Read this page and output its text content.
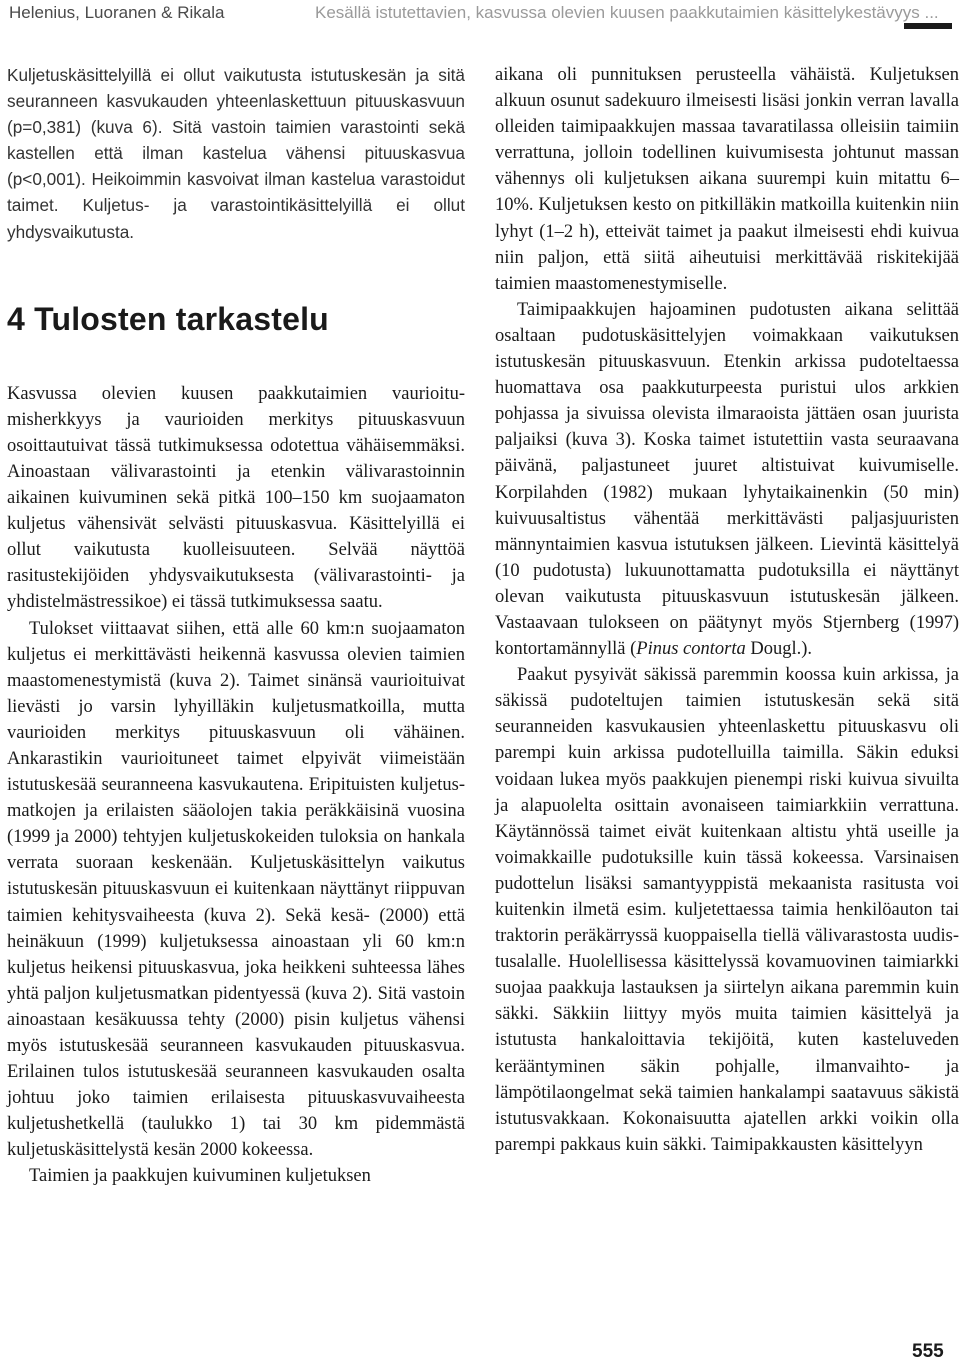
Helenius, Luoranen & Rikala	Kesällä istutettavien, kasvussa olevien kuusen paakkutaimien käsittelykestävyys ...

Kuljetuskäsittelyillä ei ollut vaikutusta istutuskesän ja sitä seuranneen kasvukauden yhteenlaskettuun pituuskasvuun (p=0,381) (kuva 6). Sitä vastoin taimien varastointi sekä kastellen että ilman kastelua vähensi pituuskasvua (p<0,001). Heikoimmin kasvoivat ilman kastelua varastoidut taimet. Kuljetus- ja varastointikäsittelyillä ei ollut yhdysvaikutusta.

4 Tulosten tarkastelu

Kasvussa olevien kuusen paakkutaimien vaurioitumisherkkyys ja vaurioiden merkitys pituuskasvuun osoittautuivat tässä tutkimuksessa odotettua vähäisemmäksi. Ainoastaan välivarastointi ja etenkin välivarastoinnin aikainen kuivuminen sekä pitkä 100–150 km suojaamaton kuljetus vähensivät selvästi pituuskasvua. Käsittelyillä ei ollut vaikutusta kuolleisuuteen. Selvää näyttöä rasitustekijöiden yhdysvaikutuksesta (välivarastointi- ja yhdistelmästressikoe) ei tässä tutkimuksessa saatu.

Tulokset viittaavat siihen, että alle 60 km:n suojaamaton kuljetus ei merkittävästi heikennä kasvussa olevien taimien maastomenestymistä (kuva 2). Taimet sinänsä vaurioituivat lievästi jo varsin lyhyilläkin kuljetusmatkoilla, mutta vaurioiden merkitys pituuskasvuun oli vähäinen. Ankarastikin vaurioituneet taimet elpyivät viimeistään istutuskesää seuranneena kasvukautena. Eripituisten kuljetusmatkojen ja erilaisten sääolojen takia peräkkäisinä vuosina (1999 ja 2000) tehtyjen kuljetuskokeiden tuloksia on hankala verrata suoraan keskenään. Kuljetuskäsittelyn vaikutus istutuskesän pituuskasvuun ei kuitenkaan näyttänyt riippuvan taimien kehitysvaiheesta (kuva 2). Sekä kesä- (2000) että heinäkuun (1999) kuljetuksessa ainoastaan yli 60 km:n kuljetus heikensi pituuskasvua, joka heikkeni suhteessa lähes yhtä paljon kuljetusmatkan pidentyessä (kuva 2). Sitä vastoin ainoastaan kesäkuussa tehty (2000) pisin kuljetus vähensi myös istutuskesää seuranneen kasvukauden pituuskasvua. Erilainen tulos istutuskesää seuranneen kasvukauden osalta johtuu joko taimien erilaisesta pituuskasvuvaiheesta kuljetushetkellä (taulukko 1) tai 30 km pidemmästä kuljetuskäsittelystä kesän 2000 kokeessa.

Taimien ja paakkujen kuivuminen kuljetuksen

aikana oli punnituksen perusteella vähäistä. Kuljetuksen alkuun osunut sadekuuro ilmeisesti lisäsi jonkin verran lavalla olleiden taimipaakkujen massaa tavaratilassa olleisiin taimiin verrattuna, jolloin todellinen kuivumisesta johtunut massan vähennys oli kuljetuksen aikana suurempi kuin mitattu 6–10%. Kuljetuksen kesto on pitkilläkin matkoilla kuitenkin niin lyhyt (1–2 h), etteivät taimet ja paakut ilmeisesti ehdi kuivua niin paljon, että siitä aiheutuisi merkittävää riskitekijää taimien maastomenestymiselle.

Taimipaakkujen hajoaminen pudotusten aikana selittää osaltaan pudotuskäsittelyjen voimakkaan vaikutuksen istutuskesän pituuskasvuun. Etenkin arkissa pudoteltaessa huomattava osa paakkuturpeesta puristui ulos arkkien pohjassa ja sivuissa olevista ilmaraoista jättäen osan juurista paljaiksi (kuva 3). Koska taimet istutettiin vasta seuraavana päivänä, paljastuneet juuret altistuivat kuivumiselle. Korpilahden (1982) mukaan lyhytaikainenkin (50 min) kuivuusaltistus vähentää merkittävästi paljasjuuristen männyntaimien kasvua istutuksen jälkeen. Lievintä käsittelyä (10 pudotusta) lukuunottamatta pudotuksilla ei näyttänyt olevan vaikutusta pituuskasvuun istutuskesän jälkeen. Vastaavaan tulokseen on päätynyt myös Stjernberg (1997) kontortamännyllä (Pinus contorta Dougl.).

Paakut pysyivät säkissä paremmin koossa kuin arkissa, ja säkissä pudoteltujen taimien istutuskesän sekä sitä seuranneiden kasvukausien yhteenlaskettu pituuskasvu oli parempi kuin arkissa pudotelluilla taimilla. Säkin eduksi voidaan lukea myös paakkujen pienempi riski kuivua sivuilta ja alapuolelta osittain avonaiseen taimiarkkiin verrattuna. Käytännössä taimet eivät kuitenkaan altistu yhtä useille ja voimakkaille pudotuksille kuin tässä kokeessa. Varsinaisen pudottelun lisäksi samantyyppistä mekaanista rasitusta voi kuitenkin ilmetä esim. kuljetettaessa taimia henkilöauton tai traktorin peräkärryssä kuoppaisella tiellä välivarastosta uudistusalalle. Huolellisessa käsittelyssä kovamuovinen taimiarkki suojaa paakkuja lastauksen ja siirtelyn aikana paremmin kuin säkki. Säkkiin liittyy myös muita taimien käsittelyä ja istutusta hankaloittavia tekijöitä, kuten kasteluveden kerääntyminen säkin pohjalle, ilmanvaihto- ja lämpötilaongelmat sekä taimien hankalampi saatavuus säkistä istutusvakkaan. Kokonaisuutta ajatellen arkki voikin olla parempi pakkaus kuin säkki. Taimipakkausten käsittelyyn

555
